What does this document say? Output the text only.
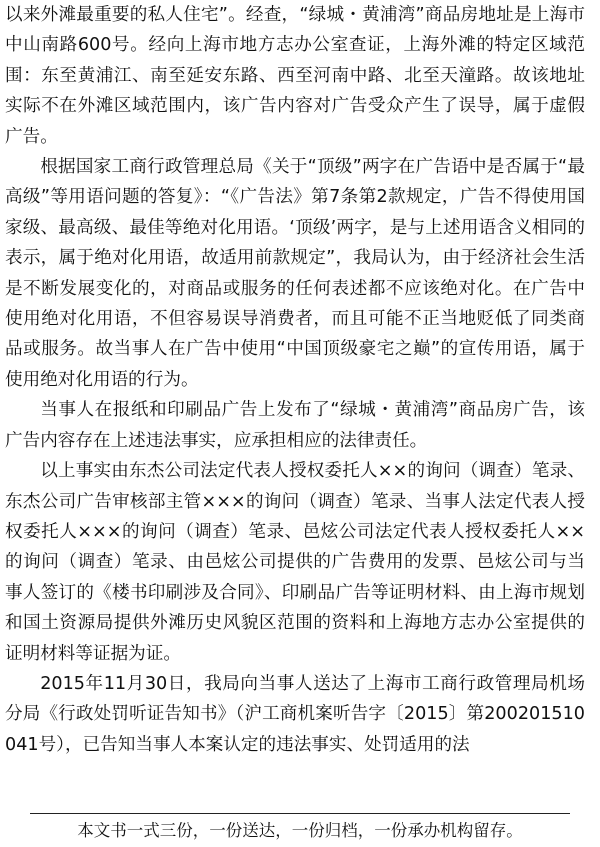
以来外滩最重要的私人住宅”。经查，“绿城・黄浦湾”商品房地址是上海市中山南路600号。经向上海市地方志办公室查证，上海外滩的特定区域范围：东至黄浦江、南至延安东路、西至河南中路、北至天潼路。故该地址实际不在外滩区域范围内，该广告内容对广告受众产生了误导，属于虚假广告。

根据国家工商行政管理总局《关于“顶级”两字在广告语中是否属于“最高级”等用语问题的答复》：“《广告法》第7条第2款规定，广告不得使用国家级、最高级、最佳等绝对化用语。‘顶级’两字，是与上述用语含义相同的表示，属于绝对化用语，故适用前款规定”，我局认为，由于经济社会生活是不断发展变化的，对商品或服务的任何表述都不应该绝对化。在广告中使用绝对化用语，不但容易误导消费者，而且可能不正当地贬低了同类商品或服务。故当事人在广告中使用“中国顶级豪宅之巅”的宣传用语，属于使用绝对化用语的行为。

当事人在报纸和印刷品广告上发布了“绿城・黄浦湾”商品房广告，该广告内容存在上述违法事实，应承担相应的法律责任。

以上事实由东杰公司法定代表人授权委托人××的询问（调查）笔录、东杰公司广告审核部主管×××的询问（调查）笔录、当事人法定代表人授权委托人×××的询问（调查）笔录、邑炫公司法定代表人授权委托人××的询问（调查）笔录、由邑炫公司提供的广告费用的发票、邑炫公司与当事人签订的《楼书印刷涉及合同》、印刷品广告等证明材料、由上海市规划和国土资源局提供外滩历史风貌区范围的资料和上海地方志办公室提供的证明材料等证据为证。

2015年11月30日，我局向当事人送达了上海市工商行政管理局机场分局《行政处罚听证告知书》（沪工商机案听告字〔2015〕第200201510041号），已告知当事人本案认定的违法事实、处罚适用的法

本文书一式三份，一份送达，一份归档，一份承办机构留存。
